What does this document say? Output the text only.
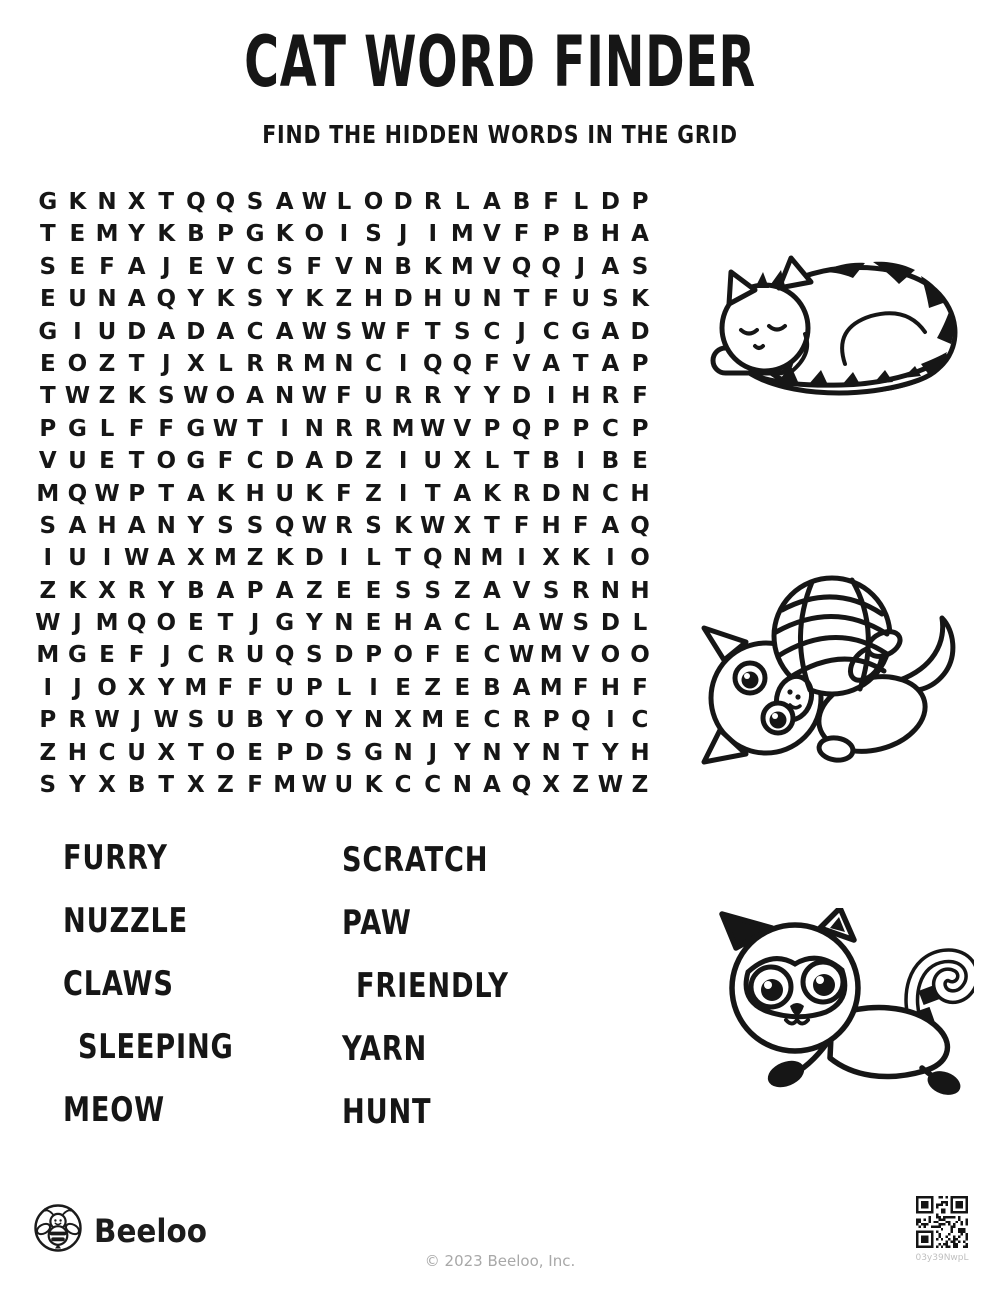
CAT WORD FINDER
FIND THE HIDDEN WORDS IN THE GRID
G K N X T Q Q S A W L O D R L A B F L D P
T E M Y K B P G K O I S J I M V F P B H A
S E F A J E V C S F V N B K M V Q Q J A S
E U N A Q Y K S Y K Z H D H U N T F U S K
G I U D A D A C A W S W F T S C J C G A D
E O Z T J X L R R M N C I Q Q F V A T A P
T W Z K S W O A N W F U R R Y Y D I H R F
P G L F F G W T I N R R M W V P Q P P C P
V U E T O G F C D A D Z I U X L T B I B E
M Q W P T A K H U K F Z I T A K R D N C H
S A H A N Y S S Q W R S K W X T F H F A Q
I U I W A X M Z K D I L T Q N M I X K I O
Z K X R Y B A P A Z E E S S Z A V S R N H
W J M Q O E T J G Y N E H A C L A W S D L
M G E F J C R U Q S D P O F E C W M V O O
I J O X Y M F F U P L I E Z E B A M F H F
P R W J W S U B Y O Y N X M E C R P Q I C
Z H C U X T O E P D S G N J Y N Y N T Y H
S Y X B T X Z F M W U K C C N A Q X Z W Z
FURRY
NUZZLE
CLAWS
SLEEPING
MEOW
SCRATCH
PAW
FRIENDLY
YARN
HUNT
Beeloo
© 2023 Beeloo, Inc.	03y39NwpL
